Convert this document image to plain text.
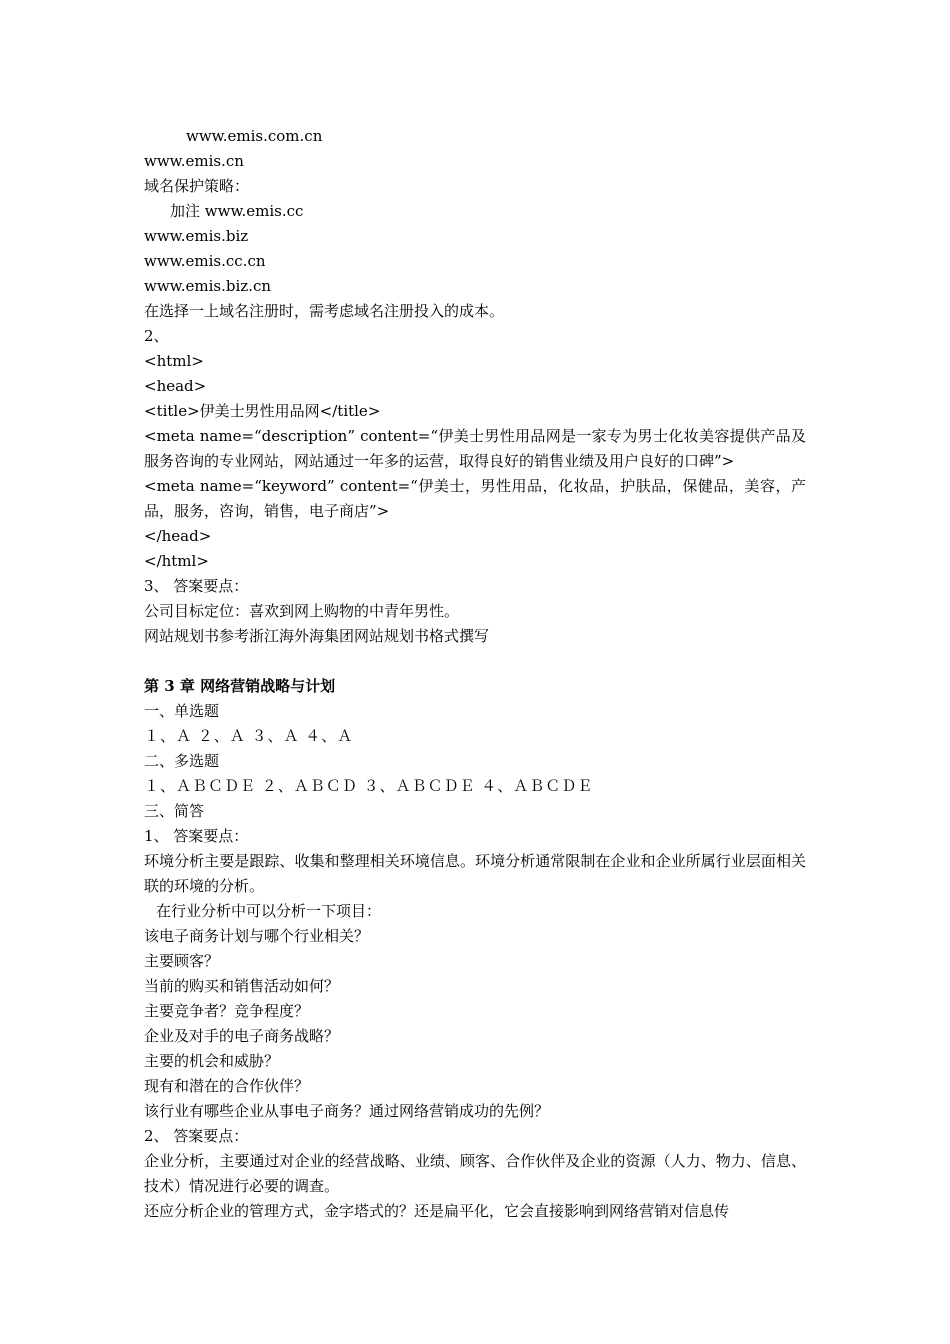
www.emis.com.cn
www.emis.cn
域名保护策略：
加注 www.emis.cc
www.emis.biz
www.emis.cc.cn
www.emis.biz.cn
在选择一上域名注册时，需考虑域名注册投入的成本。
2、
<html>
<head>
<title>伊美士男性用品网</title>
<meta name=“description” content=“伊美士男性用品网是一家专为男士化妆美容提供产品及服务咨询的专业网站，网站通过一年多的运营，取得良好的销售业绩及用户良好的口碑”>
<meta name=“keyword” content=“伊美士，男性用品，化妆品，护肤品，保健品，美容，产品，服务，咨询，销售，电子商店”>
</head>
</html>
3、 答案要点：
公司目标定位：喜欢到网上购物的中青年男性。
网站规划书参考浙江海外海集团网站规划书格式撰写
第 3 章 网络营销战略与计划
一、单选题
１、Ａ ２、Ａ ３、Ａ ４、Ａ
二、多选题
１、ＡＢＣＤＥ ２、ＡＢＣＤ ３、ＡＢＣＤＥ ４、ＡＢＣＤＥ
三、简答
1、 答案要点：
环境分析主要是跟踪、收集和整理相关环境信息。环境分析通常限制在企业和企业所属行业层面相关联的环境的分析。
在行业分析中可以分析一下项目：
该电子商务计划与哪个行业相关？
主要顾客？
当前的购买和销售活动如何？
主要竞争者？竞争程度？
企业及对手的电子商务战略？
主要的机会和威胁？
现有和潜在的合作伙伴？
该行业有哪些企业从事电子商务？通过网络营销成功的先例？
2、 答案要点：
企业分析，主要通过对企业的经营战略、业绩、顾客、合作伙伴及企业的资源（人力、物力、信息、技术）情况进行必要的调查。
还应分析企业的管理方式，金字塔式的？还是扁平化，它会直接影响到网络营销对信息传
